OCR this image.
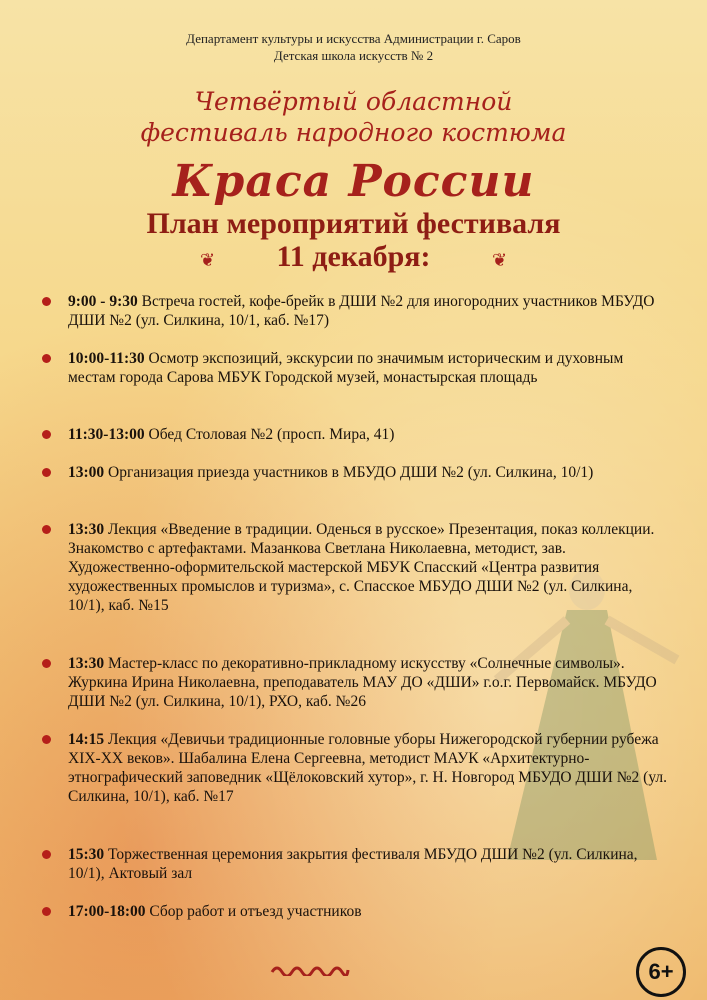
Департамент культуры и искусства Администрации г. Саров
Детская школа искусств № 2
Четвёртый областной
фестиваль народного костюма
Краса России
План мероприятий фестиваля
❦	11 декабря:	❦
9:00 - 9:30 Встреча гостей, кофе-брейк в ДШИ №2 для иногородних участников МБУДО ДШИ №2 (ул. Силкина, 10/1, каб. №17)
10:00-11:30 Осмотр экспозиций, экскурсии по значимым историческим и духовным местам города Сарова МБУК Городской музей, монастырская площадь
11:30-13:00 Обед Столовая №2 (просп. Мира, 41)
13:00 Организация приезда участников в МБУДО ДШИ №2 (ул. Силкина, 10/1)
13:30 Лекция «Введение в традиции. Оденься в русское» Презентация, показ коллекции. Знакомство с артефактами. Мазанкова Светлана Николаевна, методист, зав. Художественно-оформительской мастерской МБУК Спасский «Центра развития художественных промыслов и туризма», с. Спасское МБУДО ДШИ №2 (ул. Силкина, 10/1), каб. №15
13:30 Мастер-класс по декоративно-прикладному искусству «Солнечные символы». Журкина Ирина Николаевна, преподаватель МАУ ДО «ДШИ» г.о.г. Первомайск. МБУДО ДШИ №2 (ул. Силкина, 10/1), РХО, каб. №26
14:15 Лекция «Девичьи традиционные головные уборы Нижегородской губернии рубежа XIX-XX веков». Шабалина Елена Сергеевна, методист МАУК «Архитектурно-этнографический заповедник «Щёлоковский хутор», г. Н. Новгород МБУДО ДШИ №2 (ул. Силкина, 10/1), каб. №17
15:30 Торжественная церемония закрытия фестиваля МБУДО ДШИ №2 (ул. Силкина, 10/1), Актовый зал
17:00-18:00 Сбор работ и отъезд участников
6+
